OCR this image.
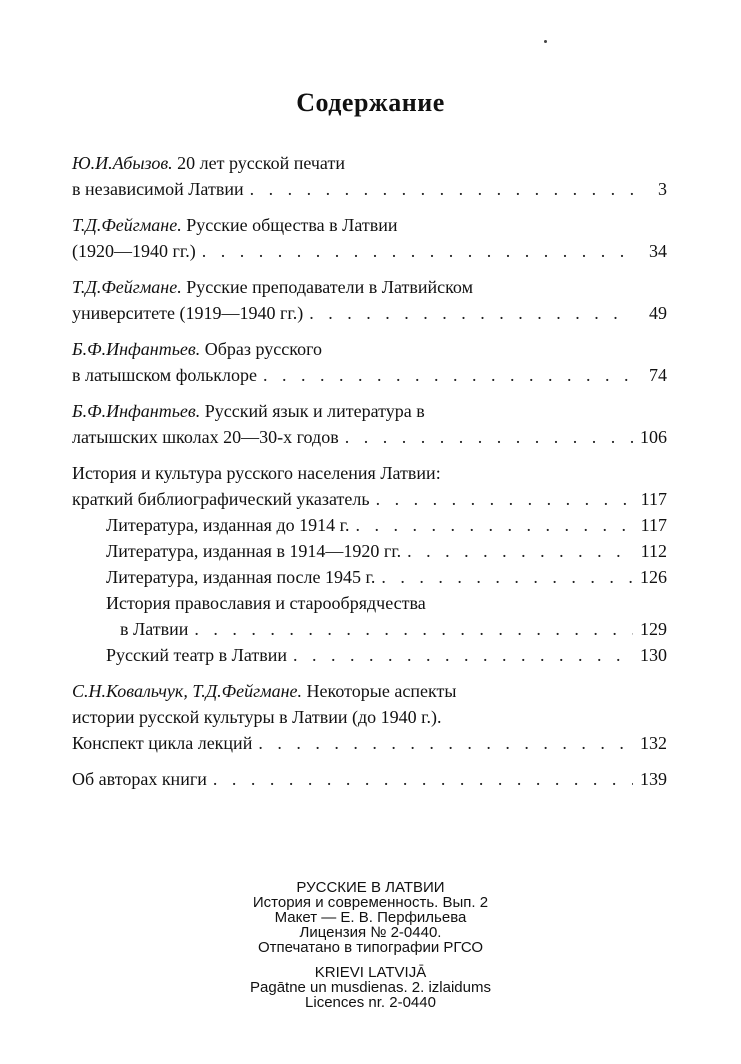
Содержание
Ю.И.Абызов. 20 лет русской печати
в независимой Латвии . . .	3
Т.Д.Фейгмане. Русские общества в Латвии
(1920—1940 гг.) . . .	34
Т.Д.Фейгмане. Русские преподаватели в Латвийском
университете (1919—1940 гг.) . . .	49
Б.Ф.Инфантьев. Образ русского
в латышском фольклоре . . .	74
Б.Ф.Инфантьев. Русский язык и литература в
латышских школах 20—30-х годов . . .	106
История и культура русского населения Латвии:
краткий библиографический указатель . . .	117
Литература, изданная до 1914 г. . . .	117
Литература, изданная в 1914—1920 гг. . . .	112
Литература, изданная после 1945 г. . . .	126
История православия и старообрядчества
в Латвии . . .	129
Русский театр в Латвии . . .	130
С.Н.Ковальчук, Т.Д.Фейгмане. Некоторые аспекты
истории русской культуры в Латвии (до 1940 г.).
Конспект цикла лекций . . .	132
Об авторах книги . . .	139
РУССКИЕ В ЛАТВИИ
История и современность. Вып. 2
Макет — Е. В. Перфильева
Лицензия № 2-0440.
Отпечатано в типографии РГСО
KRIEVI LATVIJĀ
Pagātne un musdienas. 2. izlaidums
Licences nr. 2-0440
